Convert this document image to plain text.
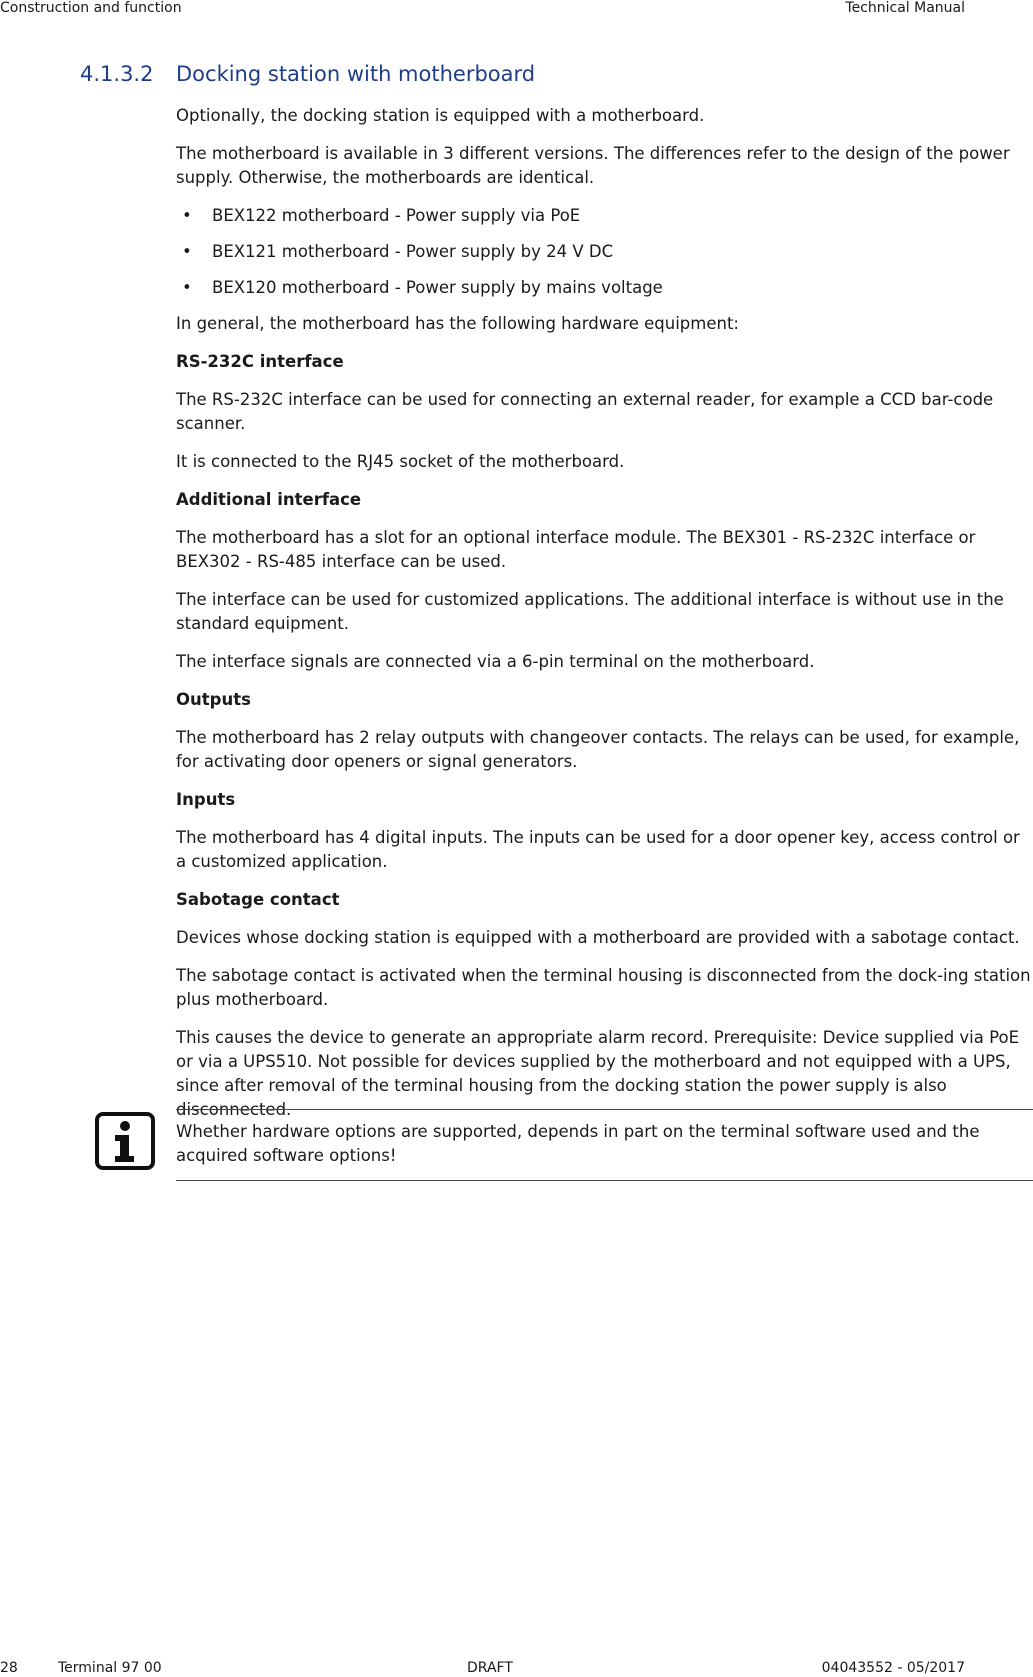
Construction and function	Technical Manual
4.1.3.2 Docking station with motherboard

Optionally, the docking station is equipped with a motherboard.

The motherboard is available in 3 different versions. The differences refer to the design of the power supply. Otherwise, the motherboards are identical.

• BEX122 motherboard - Power supply via PoE
• BEX121 motherboard - Power supply by 24 V DC
• BEX120 motherboard - Power supply by mains voltage

In general, the motherboard has the following hardware equipment:

RS-232C interface

The RS-232C interface can be used for connecting an external reader, for example a CCD bar-code scanner.

It is connected to the RJ45 socket of the motherboard.

Additional interface

The motherboard has a slot for an optional interface module. The BEX301 - RS-232C interface or BEX302 - RS-485 interface can be used.

The interface can be used for customized applications. The additional interface is without use in the standard equipment.

The interface signals are connected via a 6-pin terminal on the motherboard.

Outputs

The motherboard has 2 relay outputs with changeover contacts. The relays can be used, for example, for activating door openers or signal generators.

Inputs

The motherboard has 4 digital inputs. The inputs can be used for a door opener key, access control or a customized application.

Sabotage contact

Devices whose docking station is equipped with a motherboard are provided with a sabotage contact.

The sabotage contact is activated when the terminal housing is disconnected from the dock-ing station plus motherboard.

This causes the device to generate an appropriate alarm record. Prerequisite: Device supplied via PoE or via a UPS510. Not possible for devices supplied by the motherboard and not equipped with a UPS, since after removal of the terminal housing from the docking station the power supply is also disconnected.

Whether hardware options are supported, depends in part on the terminal software used and the acquired software options!
28	Terminal 97 00	DRAFT	04043552 - 05/2017
